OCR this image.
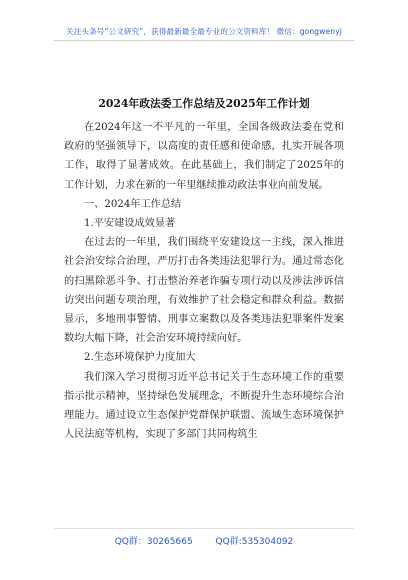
关注头条号“公文研究”，获得最新最全最专业的公文资料库！ 微信：gongwenyj
2024年政法委工作总结及2025年工作计划

在2024年这一不平凡的一年里，全国各级政法委在党和政府的坚强领导下，以高度的责任感和使命感，扎实开展各项工作，取得了显著成效。在此基础上，我们制定了2025年的工作计划，力求在新的一年里继续推动政法事业向前发展。

一、2024年工作总结

1.平安建设成效显著

在过去的一年里，我们围绕平安建设这一主线，深入推进社会治安综合治理，严厉打击各类违法犯罪行为。通过常态化的扫黑除恶斗争、打击整治养老诈骗专项行动以及涉法涉诉信访突出问题专项治理，有效维护了社会稳定和群众利益。数据显示，多地刑事警情、刑事立案数以及各类违法犯罪案件发案数均大幅下降，社会治安环境持续向好。

2.生态环境保护力度加大

我们深入学习贯彻习近平总书记关于生态环境工作的重要指示批示精神，坚持绿色发展理念，不断提升生态环境综合治理能力。通过设立生态保护党群保护联盟、流域生态环境保护人民法庭等机构，实现了多部门共同构筑生

QQ群：30265665	QQ群:535304092
